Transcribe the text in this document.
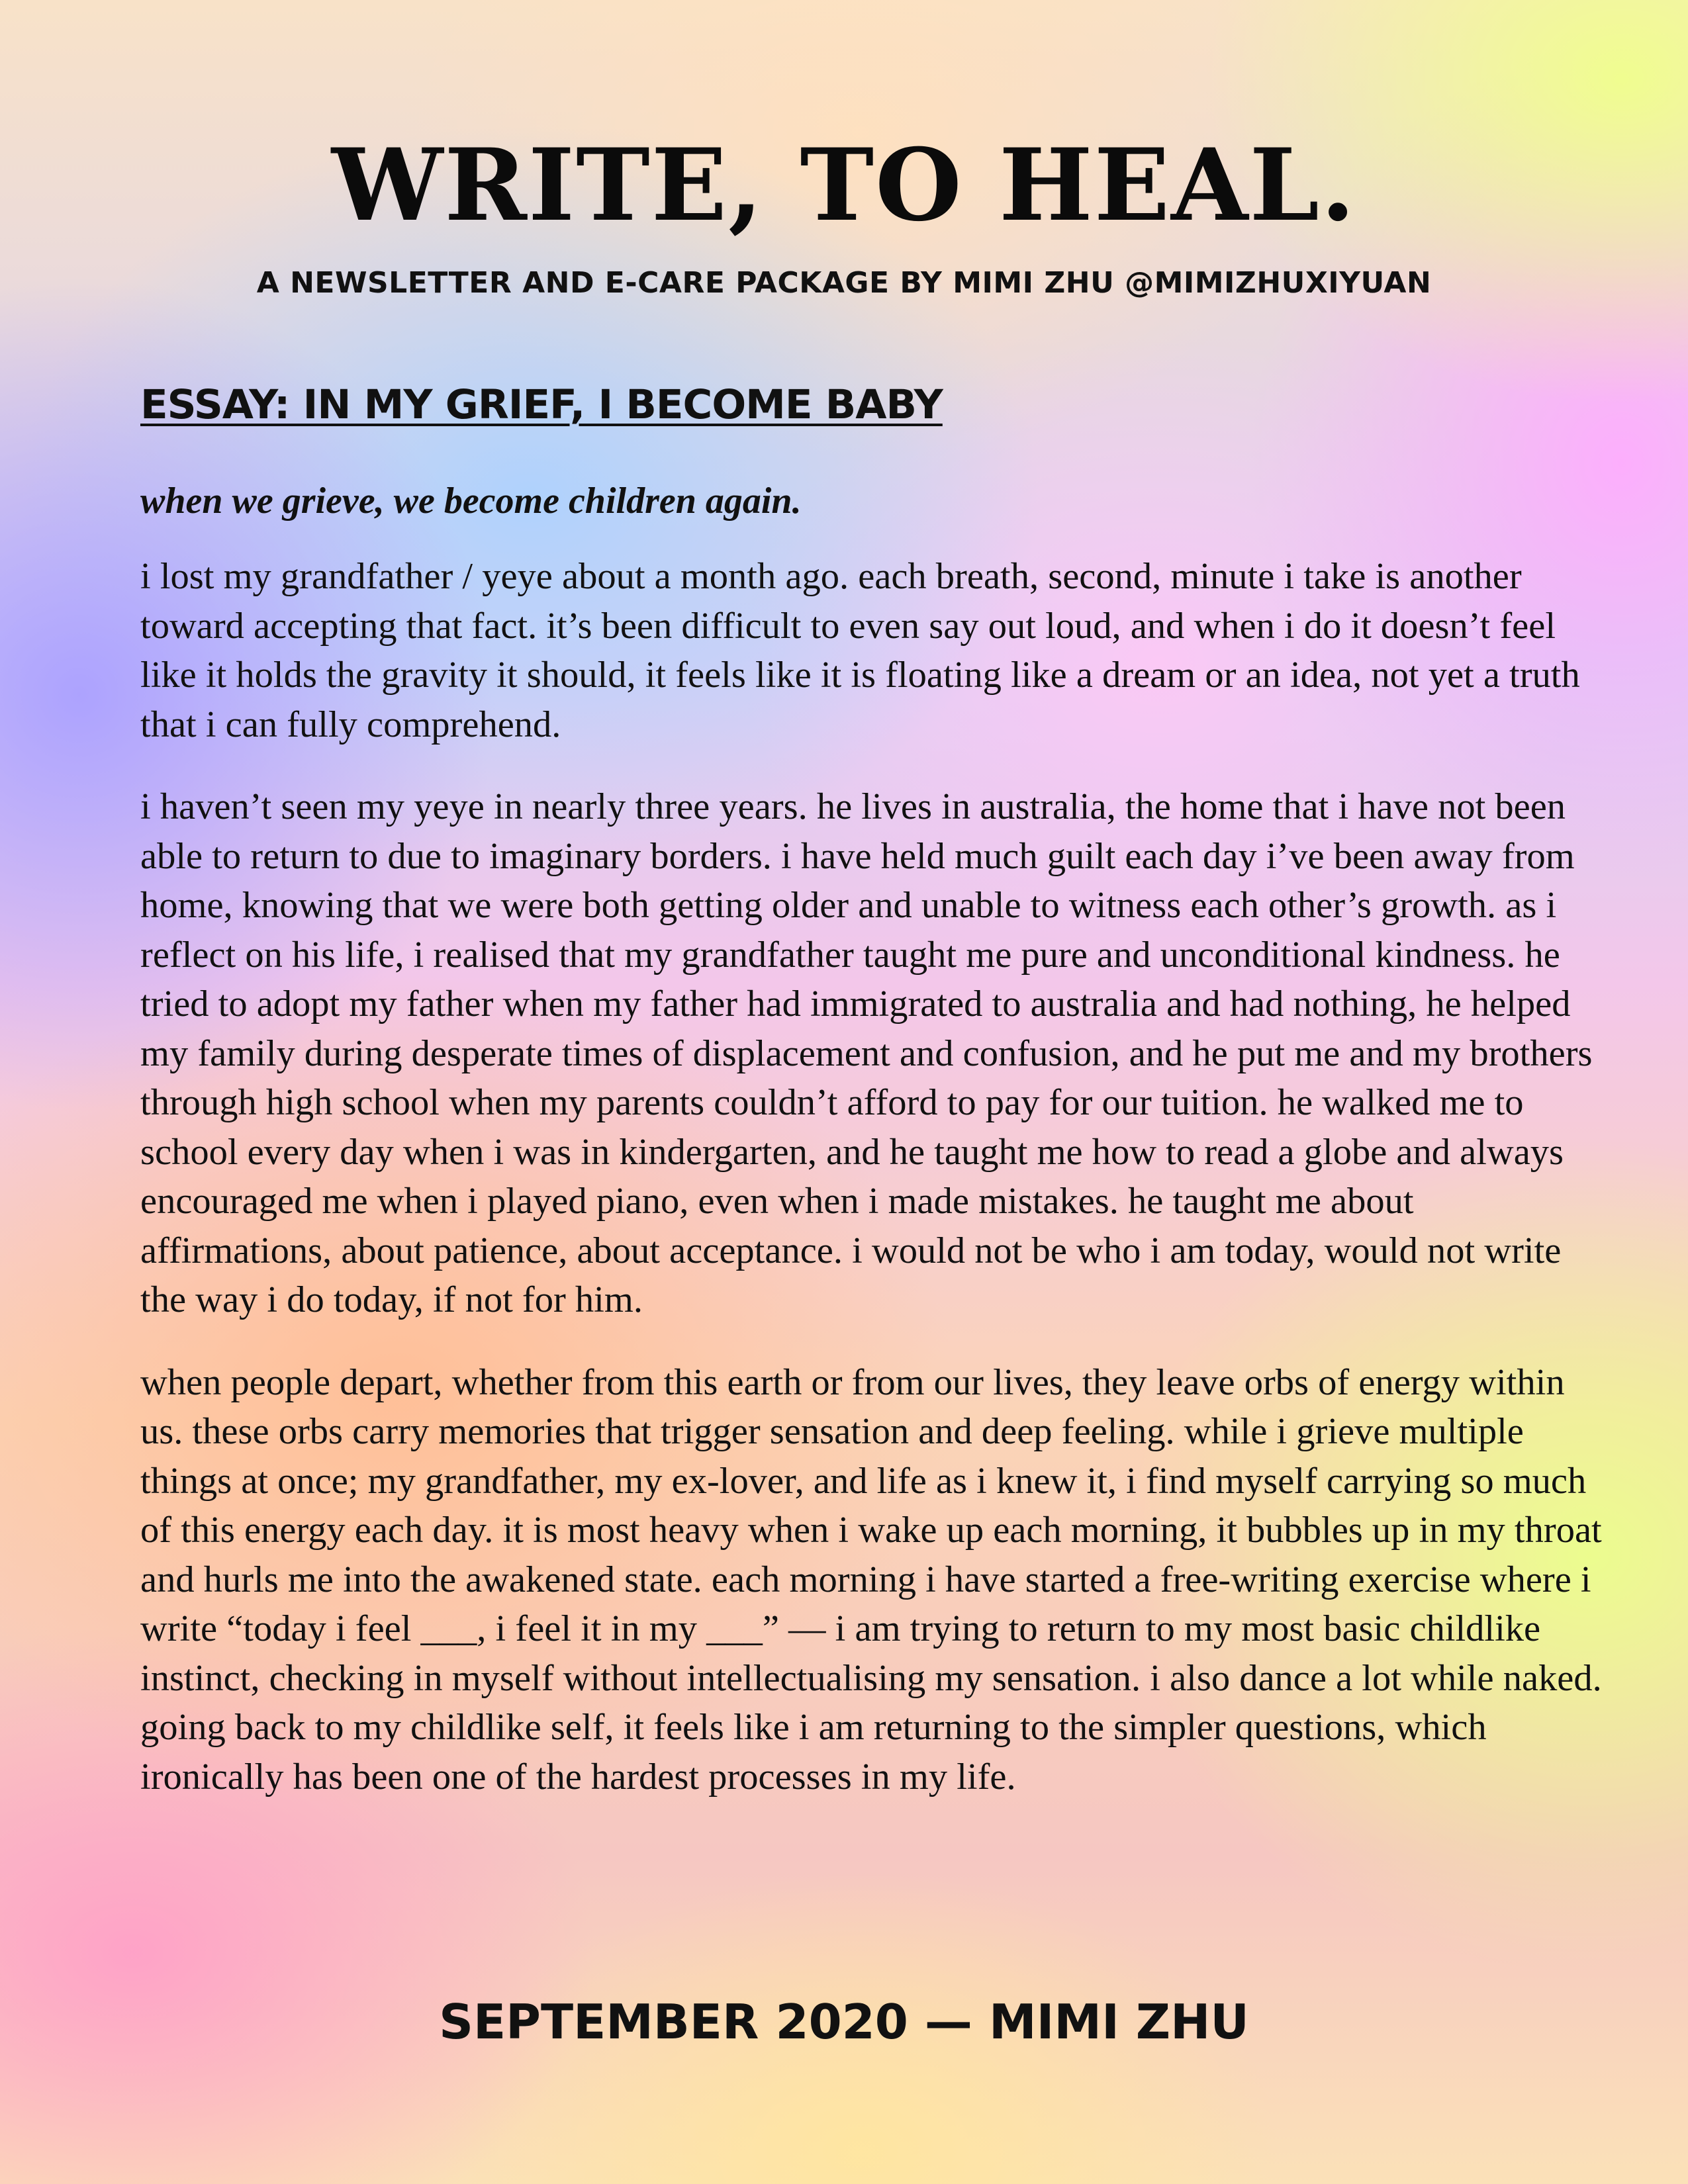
WRITE, TO HEAL.
A NEWSLETTER AND E-CARE PACKAGE BY MIMI ZHU @MIMIZHUXIYUAN
ESSAY: IN MY GRIEF, I BECOME BABY

when we grieve, we become children again.

i lost my grandfather / yeye about a month ago. each breath, second, minute i take is another toward accepting that fact. it’s been difficult to even say out loud, and when i do it doesn’t feel like it holds the gravity it should, it feels like it is floating like a dream or an idea, not yet a truth that i can fully comprehend.

i haven’t seen my yeye in nearly three years. he lives in australia, the home that i have not been able to return to due to imaginary borders. i have held much guilt each day i’ve been away from home, knowing that we were both getting older and unable to witness each other’s growth. as i reflect on his life, i realised that my grandfather taught me pure and unconditional kindness. he tried to adopt my father when my father had immigrated to australia and had nothing, he helped my family during desperate times of displacement and confusion, and he put me and my brothers through high school when my parents couldn’t afford to pay for our tuition. he walked me to school every day when i was in kindergarten, and he taught me how to read a globe and always encouraged me when i played piano, even when i made mistakes. he taught me about affirmations, about patience, about acceptance. i would not be who i am today, would not write the way i do today, if not for him.

when people depart, whether from this earth or from our lives, they leave orbs of energy within us. these orbs carry memories that trigger sensation and deep feeling. while i grieve multiple things at once; my grandfather, my ex-lover, and life as i knew it, i find myself carrying so much of this energy each day. it is most heavy when i wake up each morning, it bubbles up in my throat and hurls me into the awakened state. each morning i have started a free-writing exercise where i write “today i feel ___, i feel it in my ___” — i am trying to return to my most basic childlike instinct, checking in myself without intellectualising my sensation. i also dance a lot while naked. going back to my childlike self, it feels like i am returning to the simpler questions, which ironically has been one of the hardest processes in my life.

SEPTEMBER 2020 — MIMI ZHU
